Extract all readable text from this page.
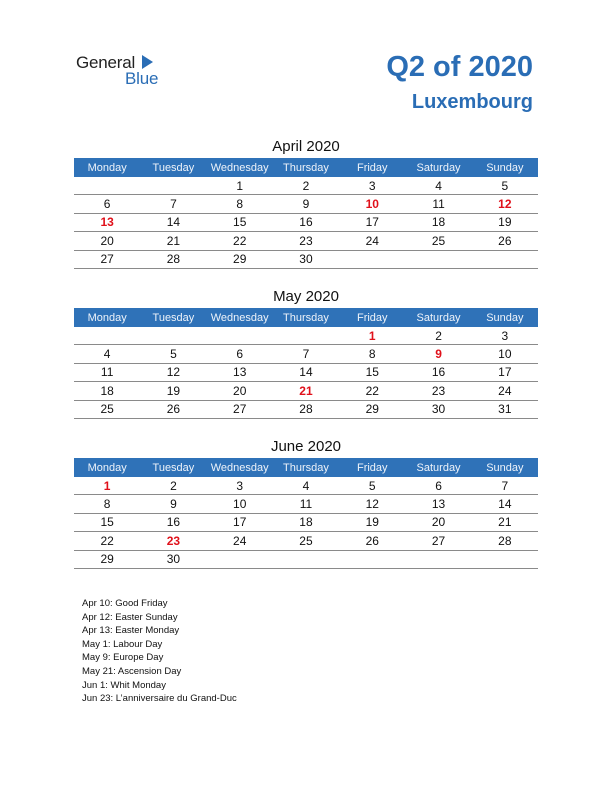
General
Blue	Q2 of 2020
Luxembourg
April 2020
Monday	Tuesday	Wednesday	Thursday	Friday	Saturday	Sunday
		1	2	3	4	5
6	7	8	9	10	11	12
13	14	15	16	17	18	19
20	21	22	23	24	25	26
27	28	29	30			
May 2020
Monday	Tuesday	Wednesday	Thursday	Friday	Saturday	Sunday
				1	2	3
4	5	6	7	8	9	10
11	12	13	14	15	16	17
18	19	20	21	22	23	24
25	26	27	28	29	30	31
June 2020
Monday	Tuesday	Wednesday	Thursday	Friday	Saturday	Sunday
1	2	3	4	5	6	7
8	9	10	11	12	13	14
15	16	17	18	19	20	21
22	23	24	25	26	27	28
29	30					
Apr 10: Good Friday
Apr 12: Easter Sunday
Apr 13: Easter Monday
May 1: Labour Day
May 9: Europe Day
May 21: Ascension Day
Jun 1: Whit Monday
Jun 23: L’anniversaire du Grand-Duc
